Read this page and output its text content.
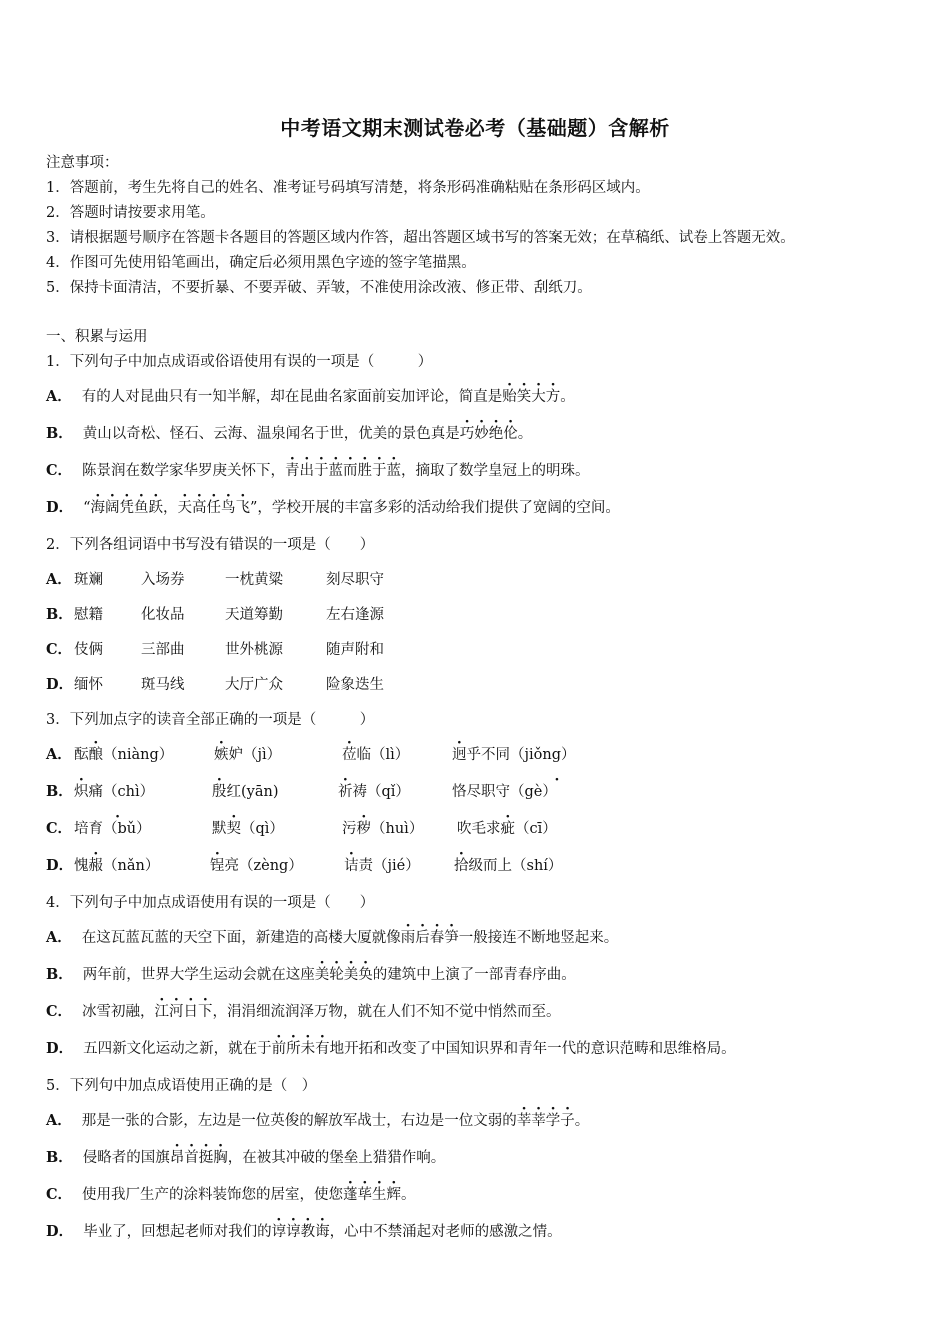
中考语文期末测试卷必考（基础题）含解析
注意事项：
1．答题前，考生先将自己的姓名、准考证号码填写清楚，将条形码准确粘贴在条形码区域内。
2．答题时请按要求用笔。
3．请根据题号顺序在答题卡各题目的答题区域内作答，超出答题区域书写的答案无效；在草稿纸、试卷上答题无效。
4．作图可先使用铅笔画出，确定后必须用黑色字迹的签字笔描黑。
5．保持卡面清洁，不要折暴、不要弄破、弄皱，不准使用涂改液、修正带、刮纸刀。
一、积累与运用
1．下列句子中加点成语或俗语使用有误的一项是（　　　）
A． 有的人对昆曲只有一知半解，却在昆曲名家面前妄加评论，简直是贻笑大方。
B． 黄山以奇松、怪石、云海、温泉闻名于世，优美的景色真是巧妙绝伦。
C． 陈景润在数学家华罗庚关怀下，青出于蓝而胜于蓝，摘取了数学皇冠上的明珠。
D． “海阔凭鱼跃，天高任鸟飞”，学校开展的丰富多彩的活动给我们提供了宽阔的空间。
2．下列各组词语中书写没有错误的一项是（　　）
A． 斑斓	入场券	一枕黄粱	刻尽职守
B． 慰籍	化妆品	天道筹勤	左右逢源
C． 伎俩	三部曲	世外桃源	随声附和
D． 缅怀	斑马线	大厅广众	险象迭生
3．下列加点字的读音全部正确的一项是（　　　）
A． 酝酿（niàng）	嫉妒（jì）	莅临（lì）	迥乎不同（jiǒng）
B． 炽痛（chì）	殷红(yān)	祈祷（qǐ）	恪尽职守（gè）
C． 培育（bǔ）	默契（qì）	污秽（huì） 吹毛求疵（cī）
D． 愧赧（nǎn）	锃亮（zèng）	诘责（jié） 拾级而上（shí）
4．下列句子中加点成语使用有误的一项是（　　）
A． 在这瓦蓝瓦蓝的天空下面，新建造的高楼大厦就像雨后春笋一般接连不断地竖起来。
B． 两年前，世界大学生运动会就在这座美轮美奂的建筑中上演了一部青春序曲。
C． 冰雪初融，江河日下，涓涓细流润泽万物，就在人们不知不觉中悄然而至。
D． 五四新文化运动之新，就在于前所未有地开拓和改变了中国知识界和青年一代的意识范畴和思维格局。
5．下列句中加点成语使用正确的是（　）
A． 那是一张的合影，左边是一位英俊的解放军战士，右边是一位文弱的莘莘学子。
B． 侵略者的国旗昂首挺胸，在被其冲破的堡垒上猎猎作响。
C． 使用我厂生产的涂料装饰您的居室，使您蓬荜生辉。
D． 毕业了，回想起老师对我们的谆谆教诲，心中不禁涌起对老师的感激之情。
